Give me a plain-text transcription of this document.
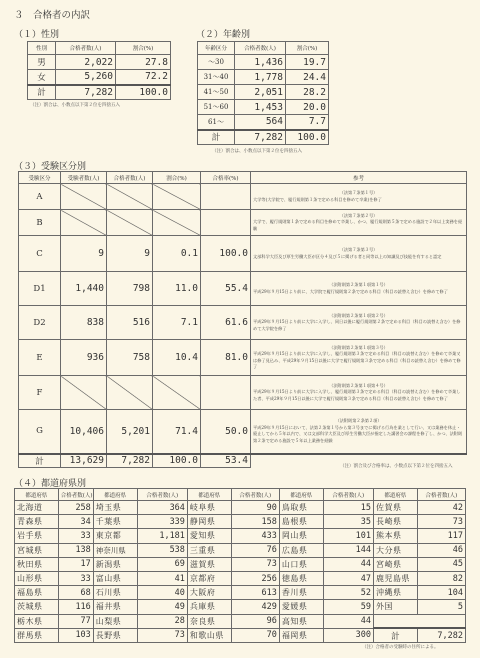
３　合格者の内訳
（１）性別
性別	合格者数(人)	割合(%)
男	2,022	27.8
女	5,260	72.2
計	7,282	100.0
（注）割合は、小数点以下第２位を四捨五入
（２）年齢別
年齢区分	合格者数(人)	割合(%)
〜30	1,436	19.7
31〜40	1,778	24.4
41〜50	2,051	28.2
51〜60	1,453	20.0
61〜	564	7.7
計	7,282	100.0
（注）割合は、小数点以下第２位を四捨五入
（３）受験区分別
受験区分	受験者数(人)	合格者数(人)	割合(%)	合格率(%)	参考
A					（法第７条第１号）
大学等(大学院で、履行規則第１条で定める科目を修めて卒業)を修了

B					（法第７条第２号）
大学で、履行規則第１条で定める科目を修めて卒業し、かつ、履行規則第５条で定める施設で２年以上実務を経験

C	9	9	0.1	100.0	（法第７条第３号）
文部科学大臣及び厚生労働大臣が区分４及び５に掲げる者と同等以上の知識及び技能を有すると認定

D1	1,440	798	11.0	55.4	（法附則第２条第１項第１号）
平成29年９月15日より前に、大学院で履行規則第２条で定める科目（科目の読替え含む）を修めて修了

D2	838	516	7.1	61.6	（法附則第２条第１項第２号）
平成29年９月15日より前に大学に入学し、同日以後に履行規則第２条で定める科目（科目の読替え含む）を修めて大学院を修了

E	936	758	10.4	81.0	（法附則第２条第１項第３号）
平成29年９月15日より前に大学に入学し、履行規則第３条で定める科目（科目の読替え含む）を修めて卒業又は修了見込み、平成29年９月15日以後に大学で履行規則第３条で定める科目（科目の読替え含む）を修めて修了

F					（法附則第２条第１項第４号）
平成29年９月15日より前に大学に入学し、履行規則第３条で定める科目（科目の読替え含む）を修めて卒業した者、平成29年９月15日以後に大学で履行規則第３条で定める科目（科目の読替え含む）を修めて修了

G	10,406	5,201	71.4	50.0	（法附則第２条第２項）
平成29年９月15日において、法第２条第１号から第３号までに掲げる行為を業として行い、又は業務を休止・廃止してから５年以内で、又は文部科学大臣及び厚生労働大臣が指定した講習会の課程を修了し、かつ、法附則第２条で定める施設で５年以上業務を経験

計	13,629	7,282	100.0	53.4	
（注）割合及び合格率は、小数点以下第２位を四捨五入
（４）都道府県別
都道府県	合格者数(人)	都道府県	合格者数(人)	都道府県	合格者数(人)	都道府県	合格者数(人)	都道府県	合格者数(人)
北海道	258	埼玉県	364	岐阜県	90	鳥取県	15	佐賀県	42
青森県	34	千葉県	339	静岡県	158	島根県	35	長崎県	73
岩手県	33	東京都	1,181	愛知県	433	岡山県	101	熊本県	117
宮城県	138	神奈川県	538	三重県	76	広島県	144	大分県	46
秋田県	17	新潟県	69	滋賀県	73	山口県	44	宮崎県	45
山形県	33	富山県	41	京都府	256	徳島県	47	鹿児島県	82
福島県	68	石川県	40	大阪府	613	香川県	52	沖縄県	104
茨城県	116	福井県	49	兵庫県	429	愛媛県	59	外国	5
栃木県	77	山梨県	28	奈良県	96	高知県	44		
群馬県	103	長野県	73	和歌山県	70	福岡県	300	計	7,282
（注）合格者の受験時の住所による。
